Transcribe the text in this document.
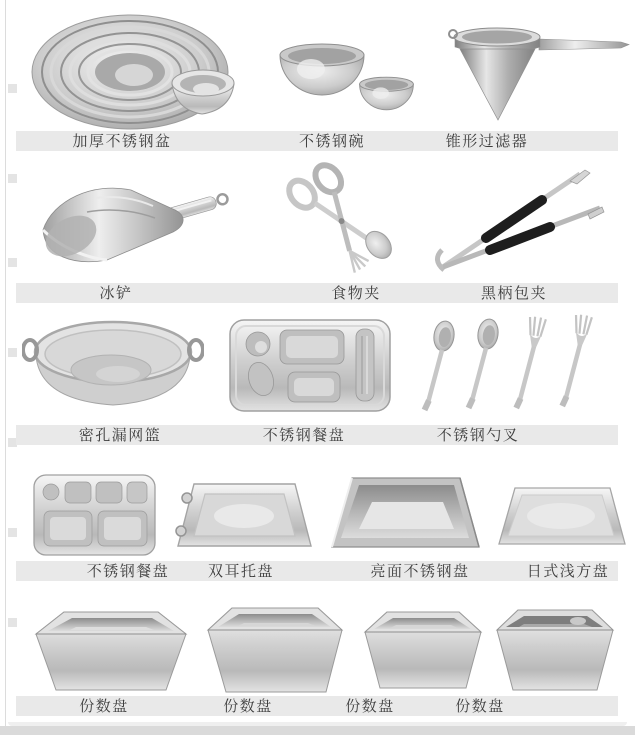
加厚不锈钢盆	不锈钢碗	锥形过滤器
冰铲	食物夹	黑柄包夹
密孔漏网篮	不锈钢餐盘	不锈钢勺叉
不锈钢餐盘	双耳托盘	亮面不锈钢盘	日式浅方盘
份数盘	份数盘	份数盘	份数盘
